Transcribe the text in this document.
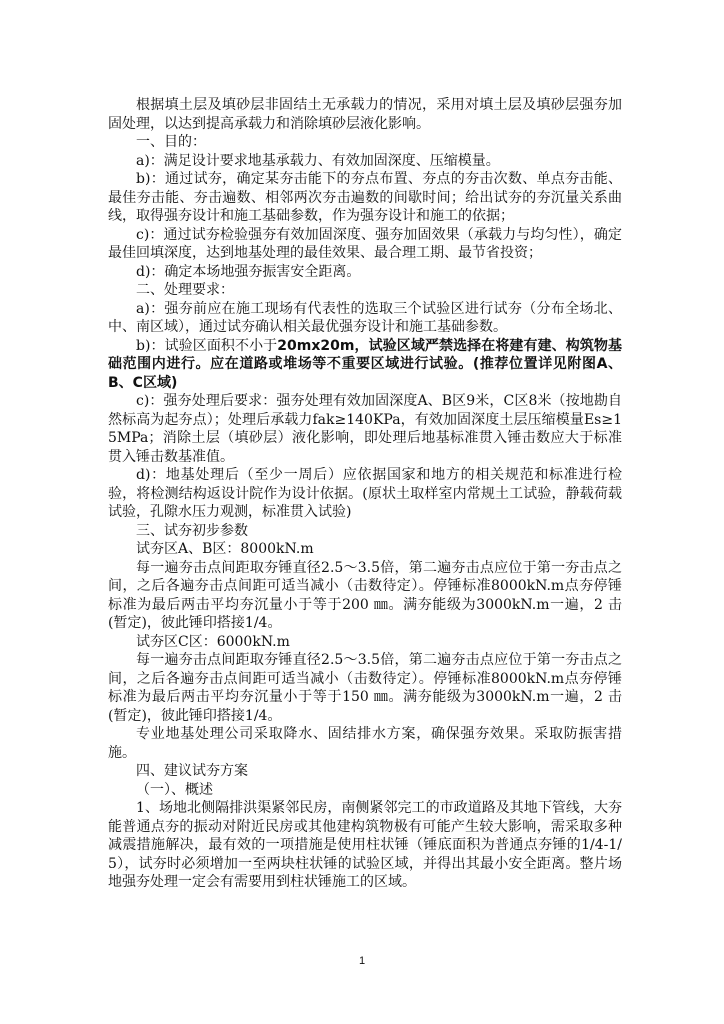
根据填土层及填砂层非固结土无承载力的情况，采用对填土层及填砂层强夯加固处理，以达到提高承载力和消除填砂层液化影响。

一、目的：

a)：满足设计要求地基承载力、有效加固深度、压缩模量。

b)：通过试夯，确定某夯击能下的夯点布置、夯点的夯击次数、单点夯击能、最佳夯击能、夯击遍数、相邻两次夯击遍数的间歇时间；给出试夯的夯沉量关系曲线，取得强夯设计和施工基础参数，作为强夯设计和施工的依据；

c)：通过试夯检验强夯有效加固深度、强夯加固效果（承载力与均匀性），确定最佳回填深度，达到地基处理的最佳效果、最合理工期、最节省投资；

d)：确定本场地强夯振害安全距离。

二、处理要求：

a)：强夯前应在施工现场有代表性的选取三个试验区进行试夯（分布全场北、中、南区域），通过试夯确认相关最优强夯设计和施工基础参数。

b)：试验区面积不小于20mx20m，试验区域严禁选择在将建有建、构筑物基础范围内进行。应在道路或堆场等不重要区域进行试验。(推荐位置详见附图A、B、C区域)

c)：强夯处理后要求：强夯处理有效加固深度A、B区9米，C区8米（按地勘自然标高为起夯点）；处理后承载力fak≥140KPa，有效加固深度土层压缩模量Es≥15MPa；消除土层（填砂层）液化影响，即处理后地基标准贯入锤击数应大于标准贯入锤击数基准值。

d)：地基处理后（至少一周后）应依据国家和地方的相关规范和标准进行检验，将检测结构返设计院作为设计依据。(原状土取样室内常规土工试验，静载荷载试验，孔隙水压力观测，标准贯入试验)

三、试夯初步参数

试夯区A、B区：8000kN.m

每一遍夯击点间距取夯锤直径2.5～3.5倍，第二遍夯击点应位于第一夯击点之间，之后各遍夯击点间距可适当减小（击数待定）。停锤标准8000kN.m点夯停锤标准为最后两击平均夯沉量小于等于200 ㎜。满夯能级为3000kN.m一遍，2 击(暂定)，彼此锤印搭接1/4。

试夯区C区：6000kN.m

每一遍夯击点间距取夯锤直径2.5～3.5倍，第二遍夯击点应位于第一夯击点之间，之后各遍夯击点间距可适当减小（击数待定）。停锤标准8000kN.m点夯停锤标准为最后两击平均夯沉量小于等于150 ㎜。满夯能级为3000kN.m一遍，2 击(暂定)，彼此锤印搭接1/4。

专业地基处理公司采取降水、固结排水方案，确保强夯效果。采取防振害措施。

四、建议试夯方案

（一）、概述

1、场地北侧隔排洪渠紧邻民房，南侧紧邻完工的市政道路及其地下管线，大夯能普通点夯的振动对附近民房或其他建构筑物极有可能产生较大影响，需采取多种减震措施解决，最有效的一项措施是使用柱状锤（锤底面积为普通点夯锤的1/4-1/5），试夯时必须增加一至两块柱状锤的试验区域，并得出其最小安全距离。整片场地强夯处理一定会有需要用到柱状锤施工的区域。

1
